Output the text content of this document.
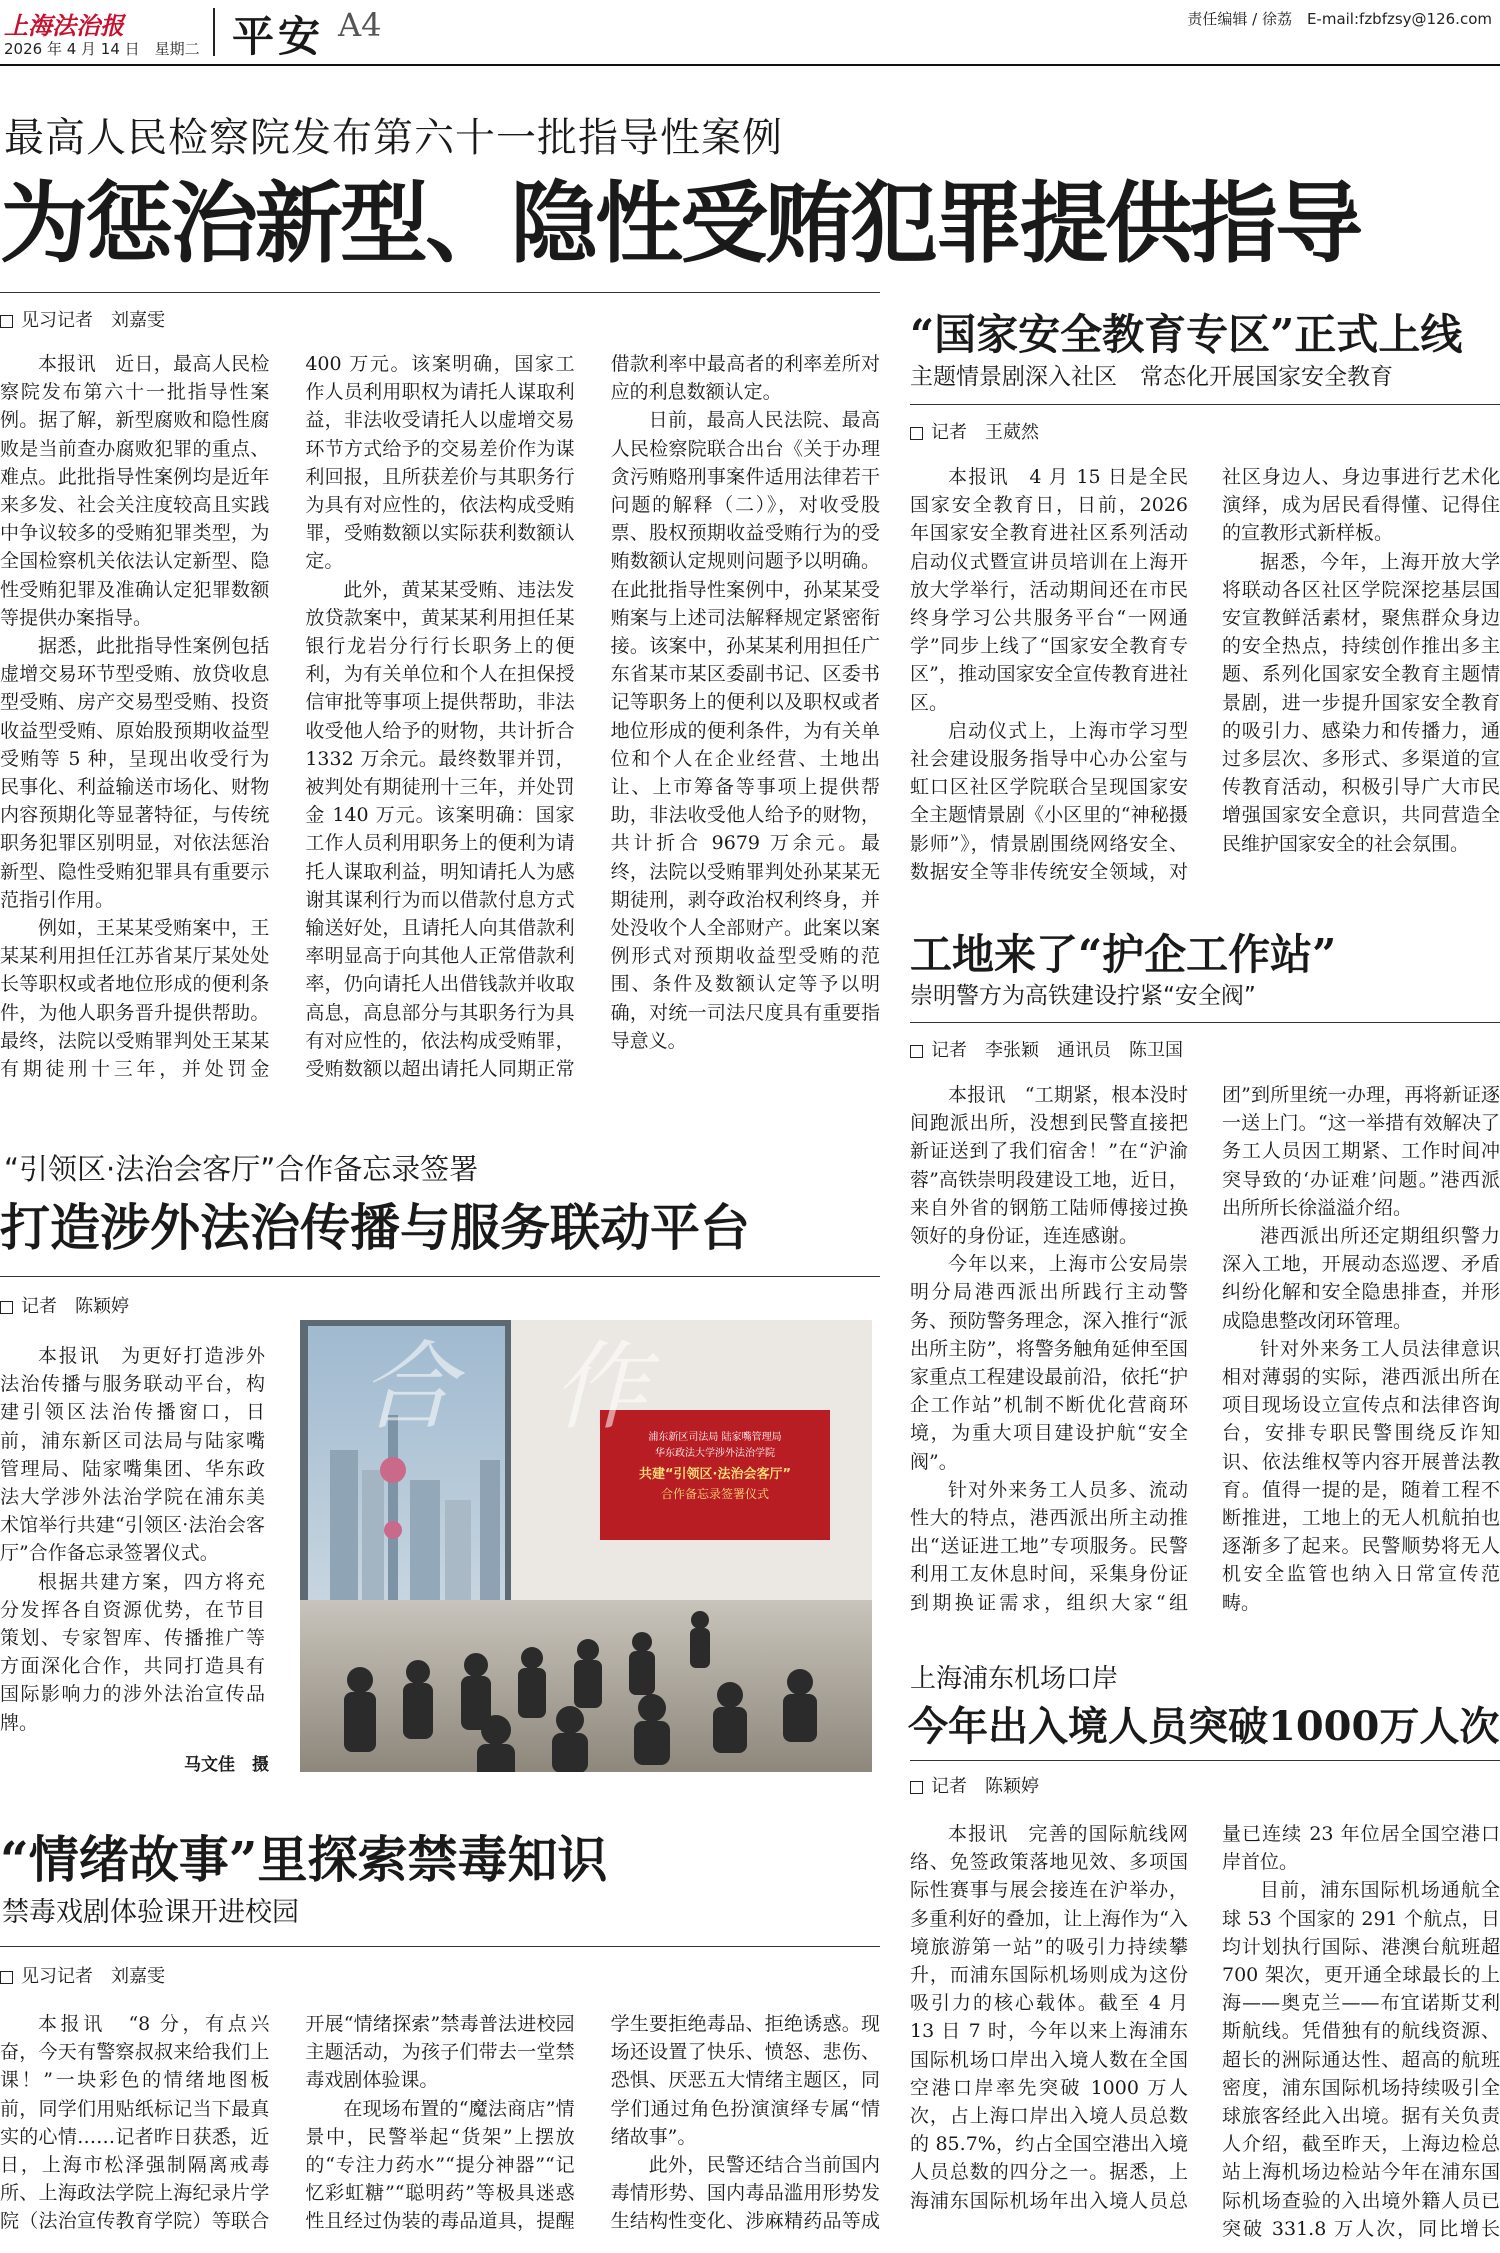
上海法治报
2026 年 4 月 14 日　星期二 平安 A4	责任编辑 / 徐荔　E-mail:fzbfzsy@126.com
最高人民检察院发布第六十一批指导性案例
为惩治新型、隐性受贿犯罪提供指导
见习记者　刘嘉雯

本报讯　近日，最高人民检察院发布第六十一批指导性案例。据了解，新型腐败和隐性腐败是当前查办腐败犯罪的重点、难点。此批指导性案例均是近年来多发、社会关注度较高且实践中争议较多的受贿犯罪类型，为全国检察机关依法认定新型、隐性受贿犯罪及准确认定犯罪数额等提供办案指导。

据悉，此批指导性案例包括虚增交易环节型受贿、放贷收息型受贿、房产交易型受贿、投资收益型受贿、原始股预期收益型受贿等 5 种，呈现出收受行为民事化、利益输送市场化、财物内容预期化等显著特征，与传统职务犯罪区别明显，对依法惩治新型、隐性受贿犯罪具有重要示范指引作用。

例如，王某某受贿案中，王某某利用担任江苏省某厅某处处长等职权或者地位形成的便利条件，为他人职务晋升提供帮助。最终，法院以受贿罪判处王某某有期徒刑十三年，并处罚金 400 万元。该案明确，国家工作人员利用职权为请托人谋取利益，非法收受请托人以虚增交易环节方式给予的交易差价作为谋利回报，且所获差价与其职务行为具有对应性的，依法构成受贿罪，受贿数额以实际获利数额认定。

此外，黄某某受贿、违法发放贷款案中，黄某某利用担任某银行龙岩分行行长职务上的便利，为有关单位和个人在担保授信审批等事项上提供帮助，非法收受他人给予的财物，共计折合 1332 万余元。最终数罪并罚，被判处有期徒刑十三年，并处罚金 140 万元。该案明确：国家工作人员利用职务上的便利为请托人谋取利益，明知请托人为感谢其谋利行为而以借款付息方式输送好处，且请托人向其借款利率明显高于向其他人正常借款利率，仍向请托人出借钱款并收取高息，高息部分与其职务行为具有对应性的，依法构成受贿罪，受贿数额以超出请托人同期正常借款利率中最高者的利率差所对应的利息数额认定。

日前，最高人民法院、最高人民检察院联合出台《关于办理贪污贿赂刑事案件适用法律若干问题的解释（二）》，对收受股票、股权预期收益受贿行为的受贿数额认定规则问题予以明确。在此批指导性案例中，孙某某受贿案与上述司法解释规定紧密衔接。该案中，孙某某利用担任广东省某市某区委副书记、区委书记等职务上的便利以及职权或者地位形成的便利条件，为有关单位和个人在企业经营、土地出让、上市筹备等事项上提供帮助，非法收受他人给予的财物，共计折合 9679 万余元。最终，法院以受贿罪判处孙某某无期徒刑，剥夺政治权利终身，并处没收个人全部财产。此案以案例形式对预期收益型受贿的范围、条件及数额认定等予以明确，对统一司法尺度具有重要指导意义。

“国家安全教育专区”正式上线
主题情景剧深入社区　常态化开展国家安全教育
记者　王葳然

本报讯　4 月 15 日是全民国家安全教育日，日前，2026 年国家安全教育进社区系列活动启动仪式暨宣讲员培训在上海开放大学举行，活动期间还在市民终身学习公共服务平台“一网通学”同步上线了“国家安全教育专区”，推动国家安全宣传教育进社区。

启动仪式上，上海市学习型社会建设服务指导中心办公室与虹口区社区学院联合呈现国家安全主题情景剧《小区里的“神秘摄影师”》，情景剧围绕网络安全、数据安全等非传统安全领域，对社区身边人、身边事进行艺术化演绎，成为居民看得懂、记得住的宣教形式新样板。

据悉，今年，上海开放大学将联动各区社区学院深挖基层国安宣教鲜活素材，聚焦群众身边的安全热点，持续创作推出多主题、系列化国家安全教育主题情景剧，进一步提升国家安全教育的吸引力、感染力和传播力，通过多层次、多形式、多渠道的宣传教育活动，积极引导广大市民增强国家安全意识，共同营造全民维护国家安全的社会氛围。

工地来了“护企工作站”
崇明警方为高铁建设拧紧“安全阀”
记者　李张颖　通讯员　陈卫国

本报讯　“工期紧，根本没时间跑派出所，没想到民警直接把新证送到了我们宿舍！”在“沪渝蓉”高铁崇明段建设工地，近日，来自外省的钢筋工陆师傅接过换领好的身份证，连连感谢。

今年以来，上海市公安局崇明分局港西派出所践行主动警务、预防警务理念，深入推行“派出所主防”，将警务触角延伸至国家重点工程建设最前沿，依托“护企工作站”机制不断优化营商环境，为重大项目建设护航“安全阀”。

针对外来务工人员多、流动性大的特点，港西派出所主动推出“送证进工地”专项服务。民警利用工友休息时间，采集身份证到期换证需求，组织大家“组团”到所里统一办理，再将新证逐一送上门。“这一举措有效解决了务工人员因工期紧、工作时间冲突导致的‘办证难’问题。”港西派出所所长徐溢溢介绍。

港西派出所还定期组织警力深入工地，开展动态巡逻、矛盾纠纷化解和安全隐患排查，并形成隐患整改闭环管理。

针对外来务工人员法律意识相对薄弱的实际，港西派出所在项目现场设立宣传点和法律咨询台，安排专职民警围绕反诈知识、依法维权等内容开展普法教育。值得一提的是，随着工程不断推进，工地上的无人机航拍也逐渐多了起来。民警顺势将无人机安全监管也纳入日常宣传范畴。

“引领区·法治会客厅”合作备忘录签署
打造涉外法治传播与服务联动平台
记者　陈颖婷

本报讯　为更好打造涉外法治传播与服务联动平台，构建引领区法治传播窗口，日前，浦东新区司法局与陆家嘴管理局、陆家嘴集团、华东政法大学涉外法治学院在浦东美术馆举行共建“引领区·法治会客厅”合作备忘录签署仪式。

根据共建方案，四方将充分发挥各自资源优势，在节目策划、专家智库、传播推广等方面深化合作，共同打造具有国际影响力的涉外法治宣传品牌。

马文佳　摄
浦东新区司法局 陆家嘴管理局
华东政法大学涉外法治学院
共建“引领区·法治会客厅”
合作备忘录签署仪式
合　作
“情绪故事”里探索禁毒知识
禁毒戏剧体验课开进校园
见习记者　刘嘉雯

本报讯　“8 分，有点兴奋，今天有警察叔叔来给我们上课！”一块彩色的情绪地图板前，同学们用贴纸标记当下最真实的心情……记者昨日获悉，近日，上海市松泽强制隔离戒毒所、上海政法学院上海纪录片学院（法治宣传教育学院）等联合开展“情绪探索”禁毒普法进校园主题活动，为孩子们带去一堂禁毒戏剧体验课。

在现场布置的“魔法商店”情景中，民警举起“货架”上摆放的“专注力药水”“提分神器”“记忆彩虹糖”“聪明药”等极具迷惑性且经过伪装的毒品道具，提醒学生要拒绝毒品、拒绝诱惑。现场还设置了快乐、愤怒、悲伤、恐惧、厌恶五大情绪主题区，同学们通过角色扮演演绎专属“情绪故事”。

此外，民警还结合当前国内毒情形势、国内毒品滥用形势发生结构性变化、涉麻精药品等成

上海浦东机场口岸
今年出入境人员突破1000万人次
记者　陈颖婷

本报讯　完善的国际航线网络、免签政策落地见效、多项国际性赛事与展会接连在沪举办，多重利好的叠加，让上海作为“入境旅游第一站”的吸引力持续攀升，而浦东国际机场则成为这份吸引力的核心载体。截至 4 月 13 日 7 时，今年以来上海浦东国际机场口岸出入境人数在全国空港口岸率先突破 1000 万人次，占上海口岸出入境人员总数的 85.7%，约占全国空港出入境人员总数的四分之一。据悉，上海浦东国际机场年出入境人员总量已连续 23 年位居全国空港口岸首位。

目前，浦东国际机场通航全球 53 个国家的 291 个航点，日均计划执行国际、港澳台航班超 700 架次，更开通全球最长的上海——奥克兰——布宜诺斯艾利斯航线。凭借独有的航线资源、超长的洲际通达性、超高的航班密度，浦东国际机场持续吸引全球旅客经此入出境。据有关负责人介绍，截至昨天，上海边检总站上海机场边检站今年在浦东国际机场查验的入出境外籍人员已突破 331.8 万人次，同比增长
